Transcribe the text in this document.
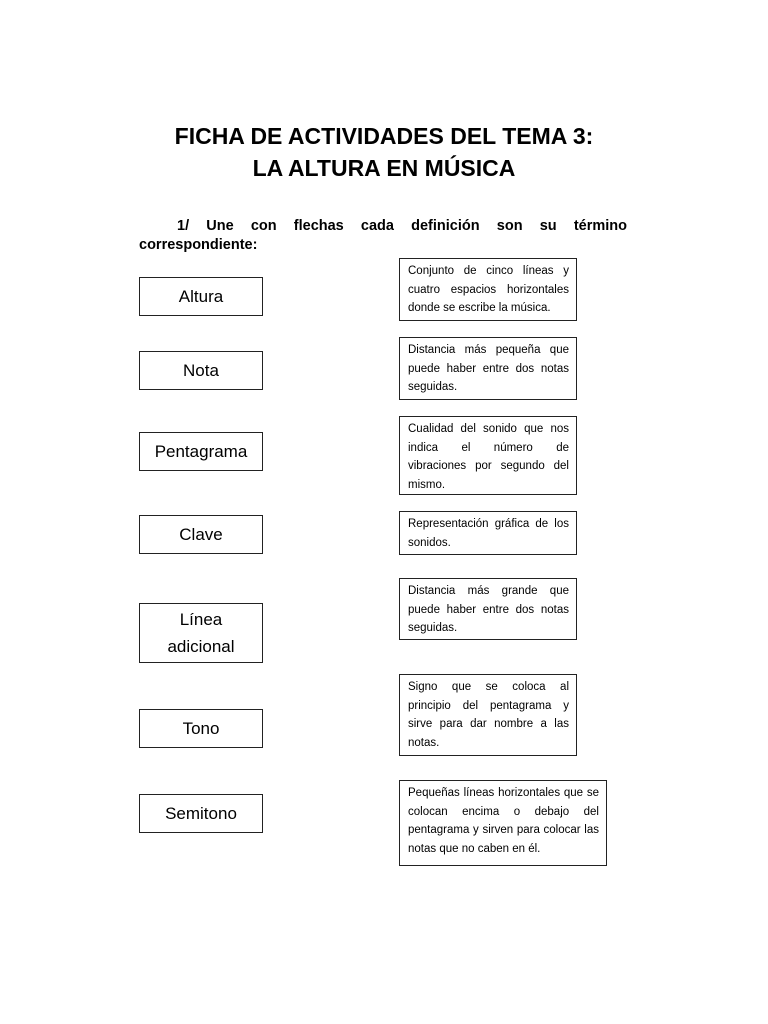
FICHA DE ACTIVIDADES DEL TEMA 3:
LA ALTURA EN MÚSICA
1/ Une con flechas cada definición son su término
correspondiente:
Altura
Nota
Pentagrama
Clave
Línea adicional
Tono
Semitono
Conjunto de cinco líneas y cuatro espacios horizontales donde se escribe la música.
Distancia más pequeña que puede haber entre dos notas seguidas.
Cualidad del sonido que nos indica el número de vibraciones por segundo del mismo.
Representación gráfica de los sonidos.
Distancia más grande que puede haber entre dos notas seguidas.
Signo que se coloca al principio del pentagrama y sirve para dar nombre a las notas.
Pequeñas líneas horizontales que se colocan encima o debajo del pentagrama y sirven para colocar las notas que no caben en él.
